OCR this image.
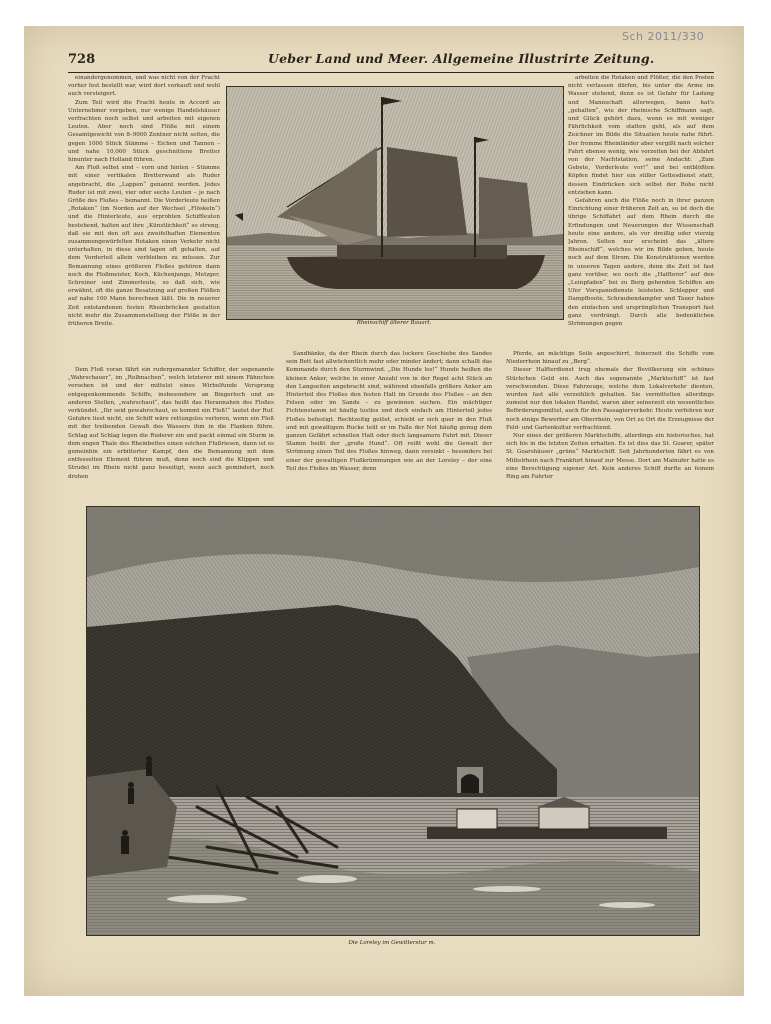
Sch 2011/330
728	Ueber Land und Meer. Allgemeine Illustrirte Zeitung.

einandergenommen, und was nicht von der Fracht vorher fest bestellt war, wird dort verkauft und wohl auch versteigert.

Zum Teil wird die Fracht heute in Accord an Unternehmer vergeben, nur wenige Handelshäuser verfrachten noch selbst und arbeiten mit eigenen Leuten. Aber noch sind Flöße mit einem Gesamtgewicht von 8–9000 Zentner nicht selten, die gegen 1000 Stück Stämme – Eichen und Tannen – und nahe 10,000 Stück geschnittene Bretter hinunter nach Holland führen.

Am Floß selbst sind – vorn und hinten – Stämme mit einer vertikalen Bretterwand als Ruder angebracht, die „Lappen“ genannt werden. Jedes Ruder ist mit zwei, vier oder sechs Leuten – je nach Größe des Floßes – bemannt. Die Vorderleute heißen „Rotaken“ (im Norden auf der Wechsel „Flöskeln“) und die Hinterleute, aus erprobten Schiffleuten bestehend, halten auf ihre „Künstlichkeit“ so streng, daß sie mit den oft aus zweifelhaften Elementen zusammengewürfelten Rotaken einen Verkehr nicht unterhalten, in diese sind lagen oft gehalten, auf dem Vorderteil allein verbleiben zu müssen. Zur Bemannung eines größeren Floßes gehören dann noch die Floßmeister, Koch, Küchenjunge, Metzger, Schreiner und Zimmerleute, so daß sich, wie erwähnt, oft die ganze Besatzung auf großen Flößen auf nahe 100 Mann berechnen läßt. Die in neuerer Zeit entstandenen festen Rheinbrücken gestatten nicht mehr die Zusammenstellung der Flöße in der früheren Breite.	Rheinschiff älterer Bauart.

arbeiten die Rotaken und Flößer, die den Posten nicht verlassen dürfen, bis unter die Arme im Wasser stehend, denn es ist Gefahr für Ladung und Mannschaft allerwegen, bann hat's „gehalten“, wie der rheinische Schiffmann sagt, und Glück gehört dazu, wenn es mit weniger Fährlichkeit vom statten geht, als auf dem Zeichner im Bilde die Situation heute nahe führt. Der fromme Rheinländer aber vergißt nach solcher Fahrt ebenso wenig, wie vorzeiten bei der Abfahrt von der Nachtstation, seine Andacht: „Zum Gebete, Vorderleute vor!“ und bei entblößten Köpfen findet hier ein stiller Gottesdienst statt, dessen Eindrücken sich selbst der Rohe nicht entziehen kann.

Gefahren auch die Flöße noch in ihrer ganzen Einrichtung einer früheren Zeit an, so ist doch die übrige Schiffahrt auf dem Rhein durch die Erfindungen und Neuerungen der Wissenschaft heute eine andere, als vor dreißig oder vierzig Jahren. Selten nur erscheint das „ältere Rheinschiff“, welches wir im Bilde geben, heute noch auf dem Strom. Die Konstruktionen werden in unseren Tagen andere, denn die Zeit ist fast ganz vorüber, wo noch die „Halfterer“ auf den „Leinpfaden“ bei zu Berg gehenden Schiffen am Ufer Vorspanndienste leisteten. Schlepper und Dampfboote, Schraubendampfer und Tauer haben den einfachen und ursprünglichen Transport fast ganz verdrängt. Durch alle bedenklichen Strömungen gegen

Dem Floß voran fährt ein rudergemannter Schiffer, der sogenannte „Wahrschauer“, im „Rolbnachen“, welch letzterer mit einem Fähnchen versehen ist und der mittelst eines Wirbelfunde Vorsprung entgegenkommende Schiffe, insbesondere an Bingerloch und an anderen Stellen, „wahrschaut“, das heißt das Herannahen des Floßes verkündet. „Ihr seid gewahrschaut, es kommt ein Floß!“ lautet der Ruf. Gefahre liest nicht, ein Schiff wäre rettungslos verloren, wenn ein Floß mit der treibenden Gewalt des Wassers ihm in die Flanken führe. Schlag auf Schlag legen die Ruderer ein und packt einmal ein Sturm in dem engen Thale des Rheinbettes einen solchen Flußriesen, dann ist es gemeinhin ein erbitterter Kampf, den die Bemannung mit dem entfesselten Element führen muß, denn noch sind die Klippen und Strudel im Rhein nicht ganz beseitigt, wenn auch gemindert, noch drohen

Sandbänke, da der Rhein durch das lockere Geschiebe des Sandes sein Bett fast allwöchentlich mehr oder minder ändert; dann schallt das Kommando durch den Sturmwind. „Die Hunde los!“ Hunde heißen die kleinen Anker, welche in einer Anzahl von in der Regel acht Stück an den Langseiten angebracht sind, während ebenfalls größere Anker am Hinterteil des Floßes den festen Halt im Grunde des Flußes – an den Felsen oder im Sande – zu gewinnen suchen. Ein mächtiger Fichtenstamm ist häufig lustlos und doch einfach am Hinterteil jedes Floßes befestigt. Rechtzeitig gelöst, schiebt er sich quer in den Fluß und mit gewaltigem Rucke teilt er im Falle der Not häufig genug dem ganzen Gefährt schnellen Halt oder doch langsamere Fahrt mit. Dieser Stamm heißt der „große Hund“. Oft reißt wohl die Gewalt der Strömung einen Teil des Floßes hinweg, dann versinkt – besonders bei einer der gewaltigen Flußkrümmungen wie an der Loreley – der eine Teil des Floßes im Wasser, denn

Pferde, an mächtige Seile angeschirrt, feinerzeit die Schiffe vom Niederrhein hinauf zu „Berg“.

Dieser Halfterdienst trug ehemals der Bevölkerung ein schönes Stückchen Geld ein. Auch das sogenannte „Marktschiff“ ist fast verschwunden. Diese Fahrzeuge, welche dem Lokalverkehr dienten, wurden fast alle verzeihlich gehalten. Sie vermittelten allerdings zumeist nur den lokalen Handel, waren aber seinerzeit ein wesentliches Beförderungsmittel, auch für den Passagierverkehr. Heute verfehren nur noch einige Bewerber am Oberrhein, von Ort zu Ort die Erzeugnisse der Feld- und Gartenkultur verfrachtend.

Nur eines der größeren Marktschiffe, allerdings ein historisches, hat sich bis in die letzten Zeiten erhalten. Es ist dies das St. Goarer, später St. Goarshäuser „grüne“ Marktschiff. Seit Jahrhunderten fährt es von Mittelrhein nach Frankfurt hinauf zur Messe. Dort am Mainufer hatte es eine Berechtigung eigener Art. Kein anderes Schiff durfte an feinem Ring am Fahrtor

Die Loreley im Gewitterstur m.
